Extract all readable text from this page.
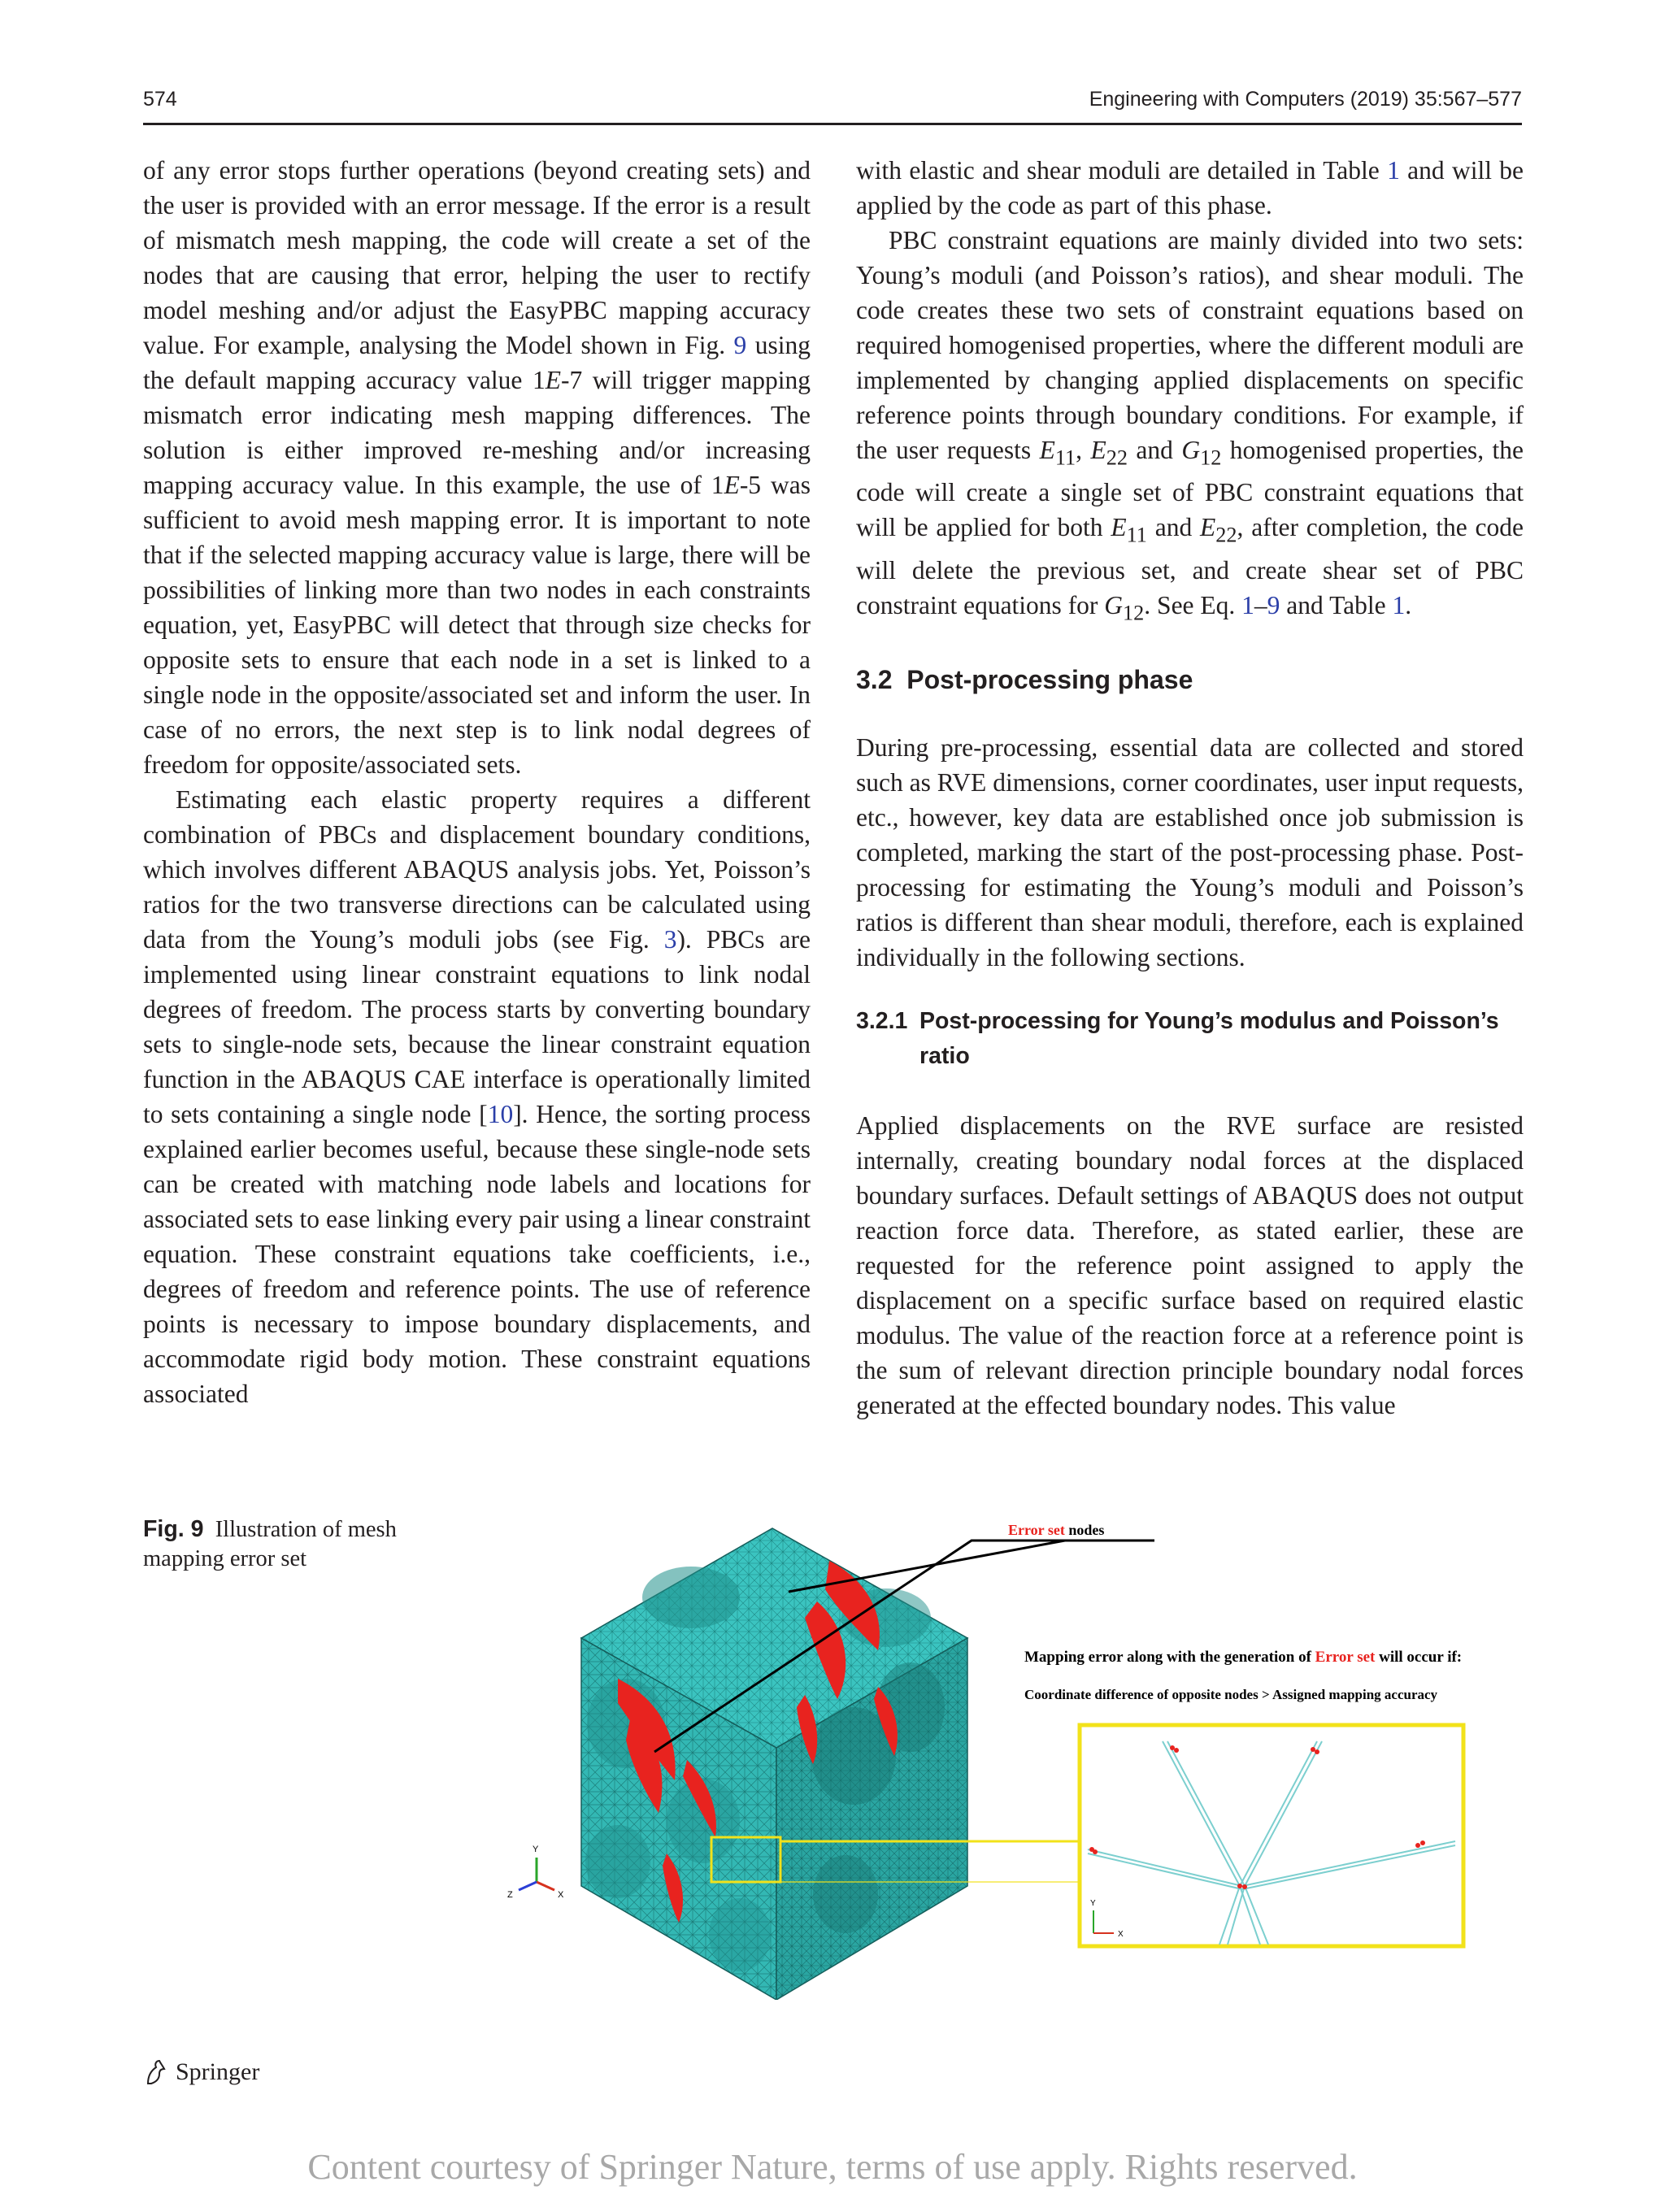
574	Engineering with Computers (2019) 35:567–577

of any error stops further operations (beyond creating sets) and the user is provided with an error message. If the error is a result of mismatch mesh mapping, the code will create a set of the nodes that are causing that error, helping the user to rectify model meshing and/or adjust the EasyPBC mapping accuracy value. For example, analysing the Model shown in Fig. 9 using the default mapping accuracy value 1E-7 will trigger mapping mismatch error indicating mesh mapping differences. The solution is either improved re-meshing and/or increasing mapping accuracy value. In this example, the use of 1E-5 was sufficient to avoid mesh mapping error. It is important to note that if the selected mapping accuracy value is large, there will be possibilities of linking more than two nodes in each constraints equation, yet, EasyPBC will detect that through size checks for opposite sets to ensure that each node in a set is linked to a single node in the opposite/associated set and inform the user. In case of no errors, the next step is to link nodal degrees of freedom for opposite/associated sets.

Estimating each elastic property requires a different combination of PBCs and displacement boundary conditions, which involves different ABAQUS analysis jobs. Yet, Poisson’s ratios for the two transverse directions can be calculated using data from the Young’s moduli jobs (see Fig. 3). PBCs are implemented using linear constraint equations to link nodal degrees of freedom. The process starts by converting boundary sets to single-node sets, because the linear constraint equation function in the ABAQUS CAE interface is operationally limited to sets containing a single node [10]. Hence, the sorting process explained earlier becomes useful, because these single-node sets can be created with matching node labels and locations for associated sets to ease linking every pair using a linear constraint equation. These constraint equations take coefficients, i.e., degrees of freedom and reference points. The use of reference points is necessary to impose boundary displacements, and accommodate rigid body motion. These constraint equations associated

with elastic and shear moduli are detailed in Table 1 and will be applied by the code as part of this phase.

PBC constraint equations are mainly divided into two sets: Young’s moduli (and Poisson’s ratios), and shear moduli. The code creates these two sets of constraint equations based on required homogenised properties, where the different moduli are implemented by changing applied displacements on specific reference points through boundary conditions. For example, if the user requests $E_{11}$, $E_{22}$ and $G_{12}$ homogenised properties, the code will create a single set of PBC constraint equations that will be applied for both $E_{11}$ and $E_{22}$, after completion, the code will delete the previous set, and create shear set of PBC constraint equations for $G_{12}$. See Eq. 1–9 and Table 1.

3.2 Post-processing phase

During pre-processing, essential data are collected and stored such as RVE dimensions, corner coordinates, user input requests, etc., however, key data are established once job submission is completed, marking the start of the post-processing phase. Post-processing for estimating the Young’s moduli and Poisson’s ratios is different than shear moduli, therefore, each is explained individually in the following sections.

3.2.1 Post-processing for Young’s modulus and Poisson’s ratio

Applied displacements on the RVE surface are resisted internally, creating boundary nodal forces at the displaced boundary surfaces. Default settings of ABAQUS does not output reaction force data. Therefore, as stated earlier, these are requested for the reference point assigned to apply the displacement on a specific surface based on required elastic modulus. The value of the reaction force at a reference point is the sum of relevant direction principle boundary nodal forces generated at the effected boundary nodes. This value

Fig. 9 Illustration of mesh mapping error set
Error set nodes
Mapping error along with the generation of Error set will occur if:
Coordinate difference of opposite nodes > Assigned mapping accuracy
Y
X
Y
X
Z
Springer
Content courtesy of Springer Nature, terms of use apply. Rights reserved.
